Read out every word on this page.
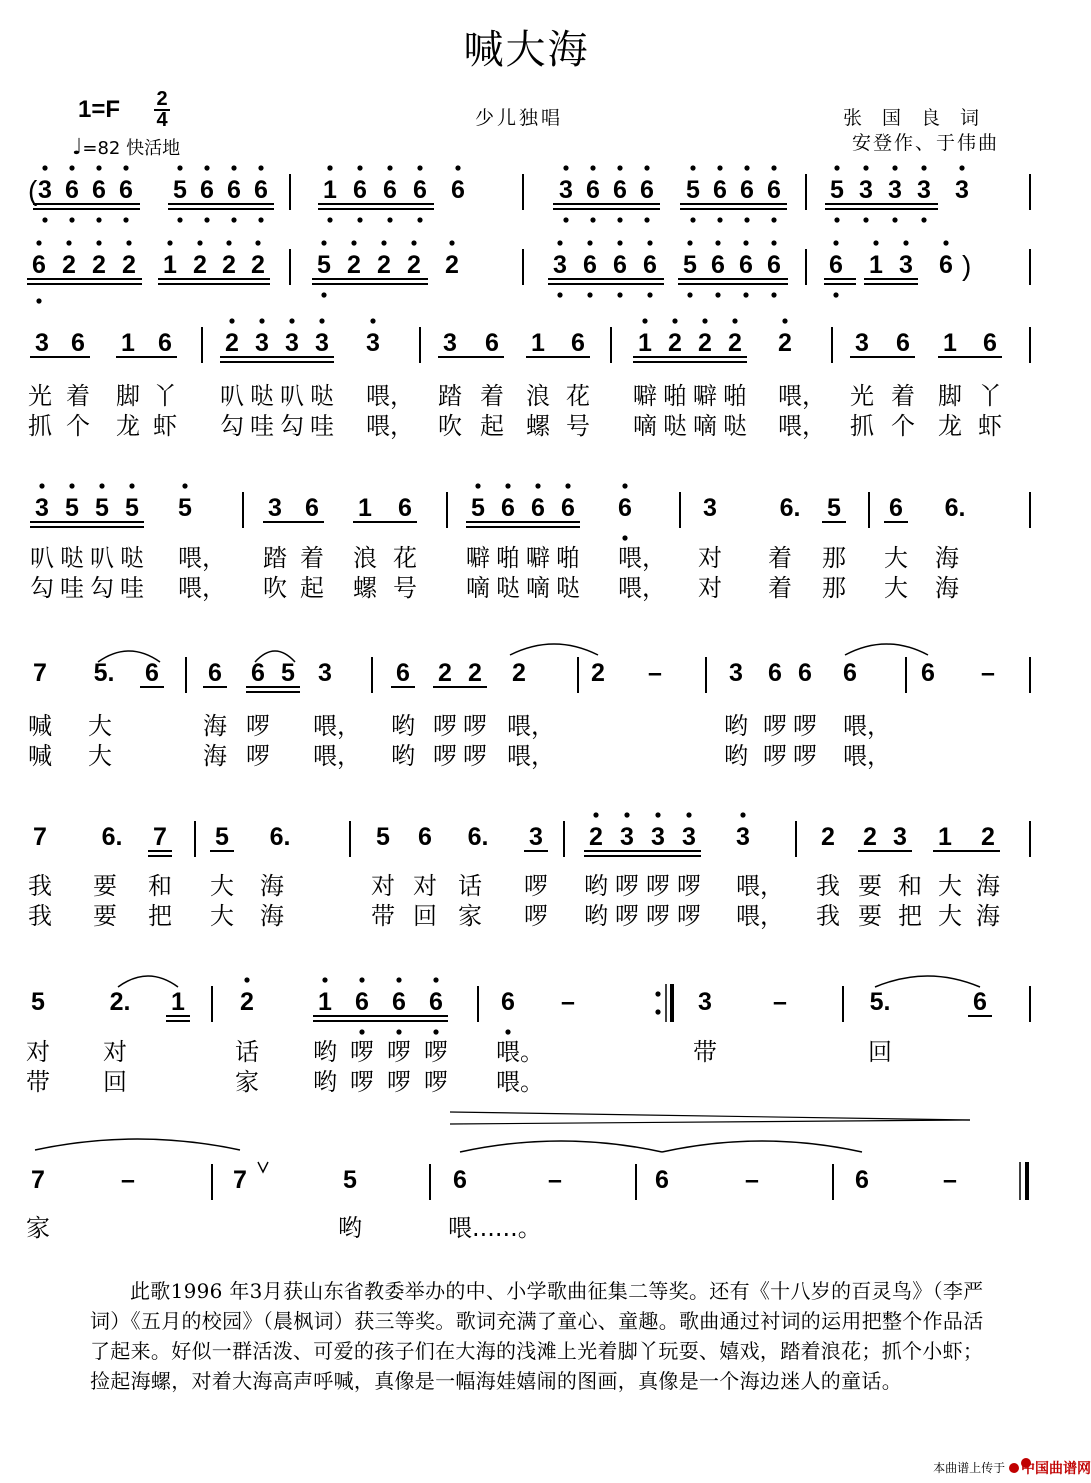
喊大海
1=F 2
4
♩=82 快活地
少儿独唱	张国良词
安登作、于伟曲
( 3 6 6 6 5 6 6 6 1 6 6 6 6	3 6 6 6 5 6 6 6 5 3 3 3 3
)
6 2 2 2 1 2 2 2 5 2 2 2 2	3 6 6 6 5 6 6 6 6 1 3 6
3 6 1 6 2 3 3 3 3	3 6 1 6 1 2 2 2 2	3 6 1 6
光 着 脚 丫 叭 哒 叭 哒 喂， 踏 着 浪 花 噼 啪 噼 啪 喂， 光 着 脚 丫
抓 个 龙 虾 勾 哇 勾 哇 喂， 吹 起 螺 号 嘀 哒 嘀 哒 喂， 抓 个 龙 虾
3 5 5 5 5	3 6 1 6 5 6 6 6 6	3	6. 5 6 6.
叭 哒 叭 哒 喂， 踏 着 浪 花 噼 啪 噼 啪 喂， 对 着 那 大 海
勾 哇 勾 哇 喂， 吹 起 螺 号 嘀 哒 嘀 哒 喂， 对 着 那 大 海
7 5. 6 6 6 5 3	6 2 2 2	2 –	3 6 6 6	6 –
喊 大	海 啰 喂， 哟 啰 啰 喂，	哟 啰 啰 喂，
喊 大	海 啰 喂， 哟 啰 啰 喂，	哟 啰 啰 喂，
7 6. 7 5 6.	5 6 6. 3 2 3 3 3 3	2 2 3 1 2
我 要 和 大 海	对 对 话 啰 哟 啰 啰 啰 喂， 我 要 和 大 海
我 要 把 大 海	带 回 家 啰 哟 啰 啰 啰 喂， 我 要 把 大 海
5	2. 1 2	1 6 6 6 6 –	3 –	5.	6
对 对	话 哟 啰 啰 啰 喂。	带	回
带 回	家 哟 啰 啰 啰 喂。
7	–	7	5	6	–	6	–	6	–
家	哟	喂......。
此歌1996 年3月获山东省教委举办的中、小学歌曲征集二等奖。还有《十八岁的百灵鸟》（李严词）《五月的校园》（晨枫词）获三等奖。歌词充满了童心、童趣。歌曲通过衬词的运用把整个作品活了起来。好似一群活泼、可爱的孩子们在大海的浅滩上光着脚丫玩耍、嬉戏，踏着浪花；抓个小虾；捡起海螺，对着大海高声呼喊，真像是一幅海娃嬉闹的图画，真像是一个海边迷人的童话。
本曲谱上传于 中国曲谱网
